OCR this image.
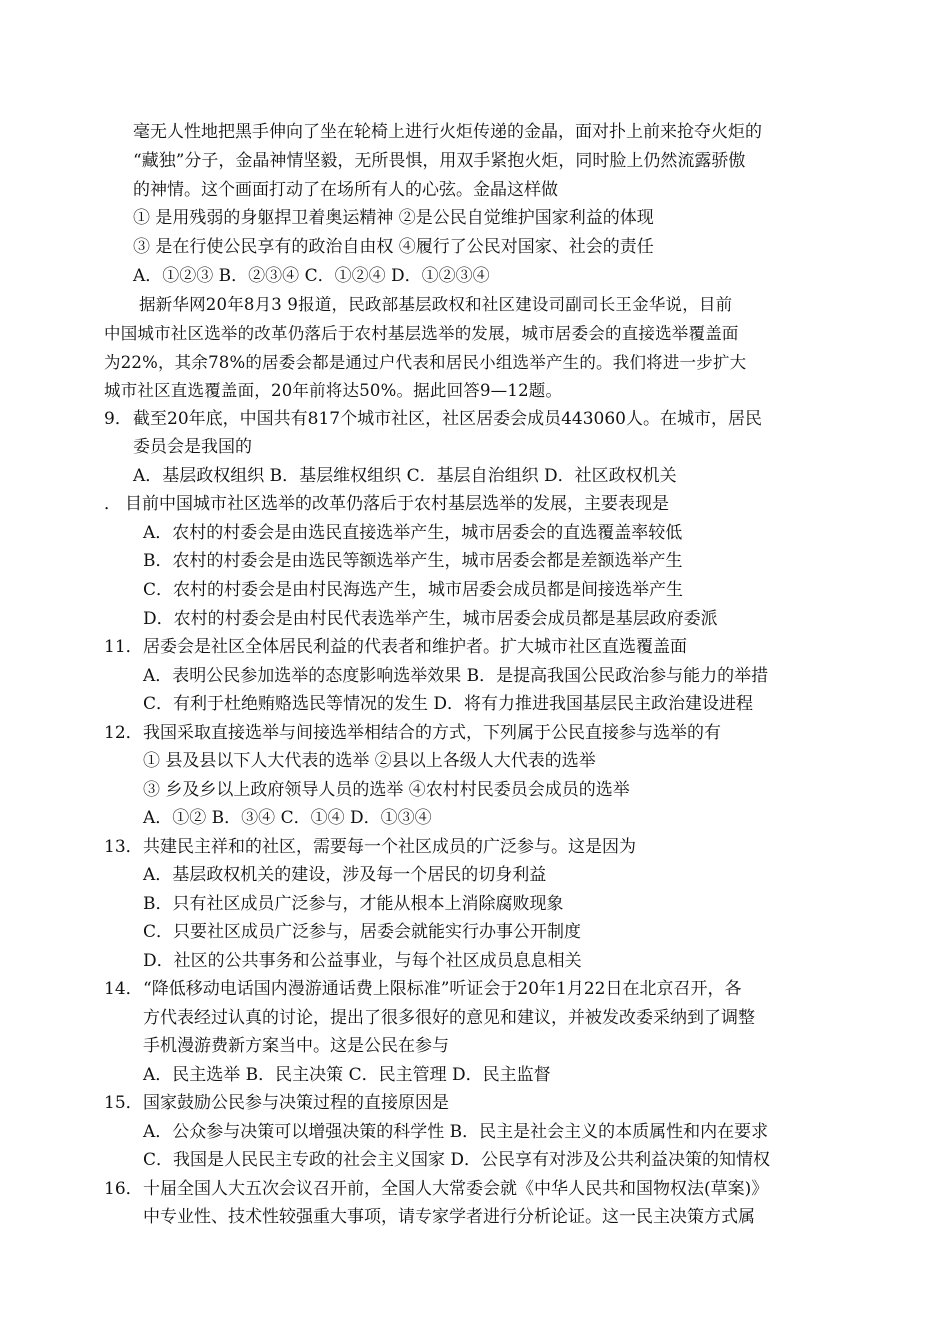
毫无人性地把黑手伸向了坐在轮椅上进行火炬传递的金晶，面对扑上前来抢夺火炬的
“藏独”分子，金晶神情坚毅，无所畏惧，用双手紧抱火炬，同时脸上仍然流露骄傲
的神情。这个画面打动了在场所有人的心弦。金晶这样做
① 是用残弱的身躯捍卫着奥运精神 ②是公民自觉维护国家利益的体现
③ 是在行使公民享有的政治自由权 ④履行了公民对国家、社会的责任
A．①②③ B．②③④ C．①②④ D．①②③④
据新华网20年8月3 9报道，民政部基层政权和社区建设司副司长王金华说，目前
中国城市社区选举的改革仍落后于农村基层选举的发展，城市居委会的直接选举覆盖面
为22%，其余78%的居委会都是通过户代表和居民小组选举产生的。我们将进一步扩大
城市社区直选覆盖面，20年前将达50%。据此回答9—12题。
9． 截至20年底，中国共有817个城市社区，社区居委会成员443060人。在城市，居民
委员会是我国的
A．基层政权组织 B．基层维权组织 C．基层自治组织 D．社区政权机关
． 目前中国城市社区选举的改革仍落后于农村基层选举的发展，主要表现是
A．农村的村委会是由选民直接选举产生，城市居委会的直选覆盖率较低
B．农村的村委会是由选民等额选举产生，城市居委会都是差额选举产生
C．农村的村委会是由村民海选产生，城市居委会成员都是间接选举产生
D．农村的村委会是由村民代表选举产生，城市居委会成员都是基层政府委派
11． 居委会是社区全体居民利益的代表者和维护者。扩大城市社区直选覆盖面
A．表明公民参加选举的态度影响选举效果 B．是提高我国公民政治参与能力的举措
C．有利于杜绝贿赂选民等情况的发生 D．将有力推进我国基层民主政治建设进程
12． 我国采取直接选举与间接选举相结合的方式，下列属于公民直接参与选举的有
① 县及县以下人大代表的选举 ②县以上各级人大代表的选举
③ 乡及乡以上政府领导人员的选举 ④农村村民委员会成员的选举
A．①② B．③④ C．①④ D．①③④
13． 共建民主祥和的社区，需要每一个社区成员的广泛参与。这是因为
A．基层政权机关的建设，涉及每一个居民的切身利益
B．只有社区成员广泛参与，才能从根本上消除腐败现象
C．只要社区成员广泛参与，居委会就能实行办事公开制度
D．社区的公共事务和公益事业，与每个社区成员息息相关
14． “降低移动电话国内漫游通话费上限标准”听证会于20年1月22日在北京召开，各
方代表经过认真的讨论，提出了很多很好的意见和建议，并被发改委采纳到了调整
手机漫游费新方案当中。这是公民在参与
A．民主选举 B．民主决策 C．民主管理 D．民主监督
15． 国家鼓励公民参与决策过程的直接原因是
A．公众参与决策可以增强决策的科学性 B．民主是社会主义的本质属性和内在要求
C．我国是人民民主专政的社会主义国家 D．公民享有对涉及公共利益决策的知情权
16． 十届全国人大五次会议召开前，全国人大常委会就《中华人民共和国物权法(草案)》
中专业性、技术性较强重大事项，请专家学者进行分析论证。这一民主决策方式属
